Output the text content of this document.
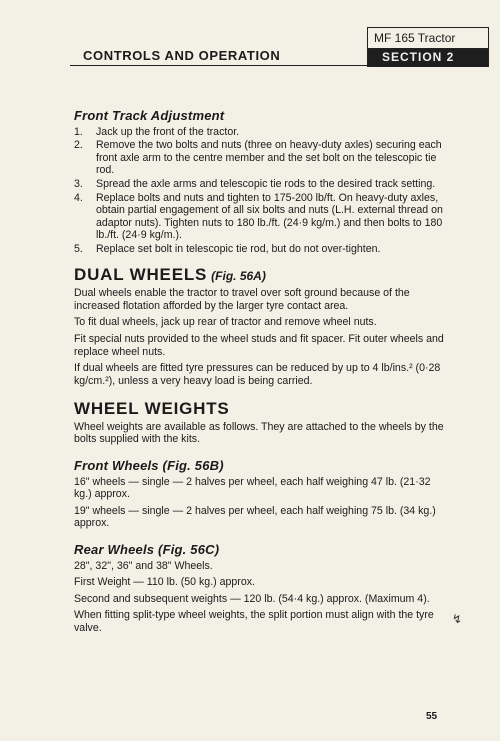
MF 165 Tractor
SECTION 2
CONTROLS AND OPERATION
Front Track Adjustment
1. Jack up the front of the tractor.
2. Remove the two bolts and nuts (three on heavy-duty axles) securing each front axle arm to the centre member and the set bolt on the telescopic tie rod.
3. Spread the axle arms and telescopic tie rods to the desired track setting.
4. Replace bolts and nuts and tighten to 175-200 lb/ft. On heavy-duty axles, obtain partial engagement of all six bolts and nuts (L.H. external thread on adaptor nuts). Tighten nuts to 180 lb./ft. (24·9 kg/m.) and then bolts to 180 lb./ft. (24·9 kg/m.).
5. Replace set bolt in telescopic tie rod, but do not over-tighten.
DUAL WHEELS (Fig. 56A)

Dual wheels enable the tractor to travel over soft ground because of the increased flotation afforded by the larger tyre contact area.

To fit dual wheels, jack up rear of tractor and remove wheel nuts.

Fit special nuts provided to the wheel studs and fit spacer. Fit outer wheels and replace wheel nuts.

If dual wheels are fitted tyre pressures can be reduced by up to 4 lb/ins.² (0·28 kg/cm.²), unless a very heavy load is being carried.

WHEEL WEIGHTS

Wheel weights are available as follows. They are attached to the wheels by the bolts supplied with the kits.

Front Wheels (Fig. 56B)

16" wheels — single — 2 halves per wheel, each half weighing 47 lb. (21·32 kg.) approx.

19" wheels — single — 2 halves per wheel, each half weighing 75 lb. (34 kg.) approx.

Rear Wheels (Fig. 56C)

28", 32", 36" and 38" Wheels.

First Weight — 110 lb. (50 kg.) approx.

Second and subsequent weights — 120 lb. (54·4 kg.) approx. (Maximum 4).

When fitting split-type wheel weights, the split portion must align with the tyre valve.

↯
55
